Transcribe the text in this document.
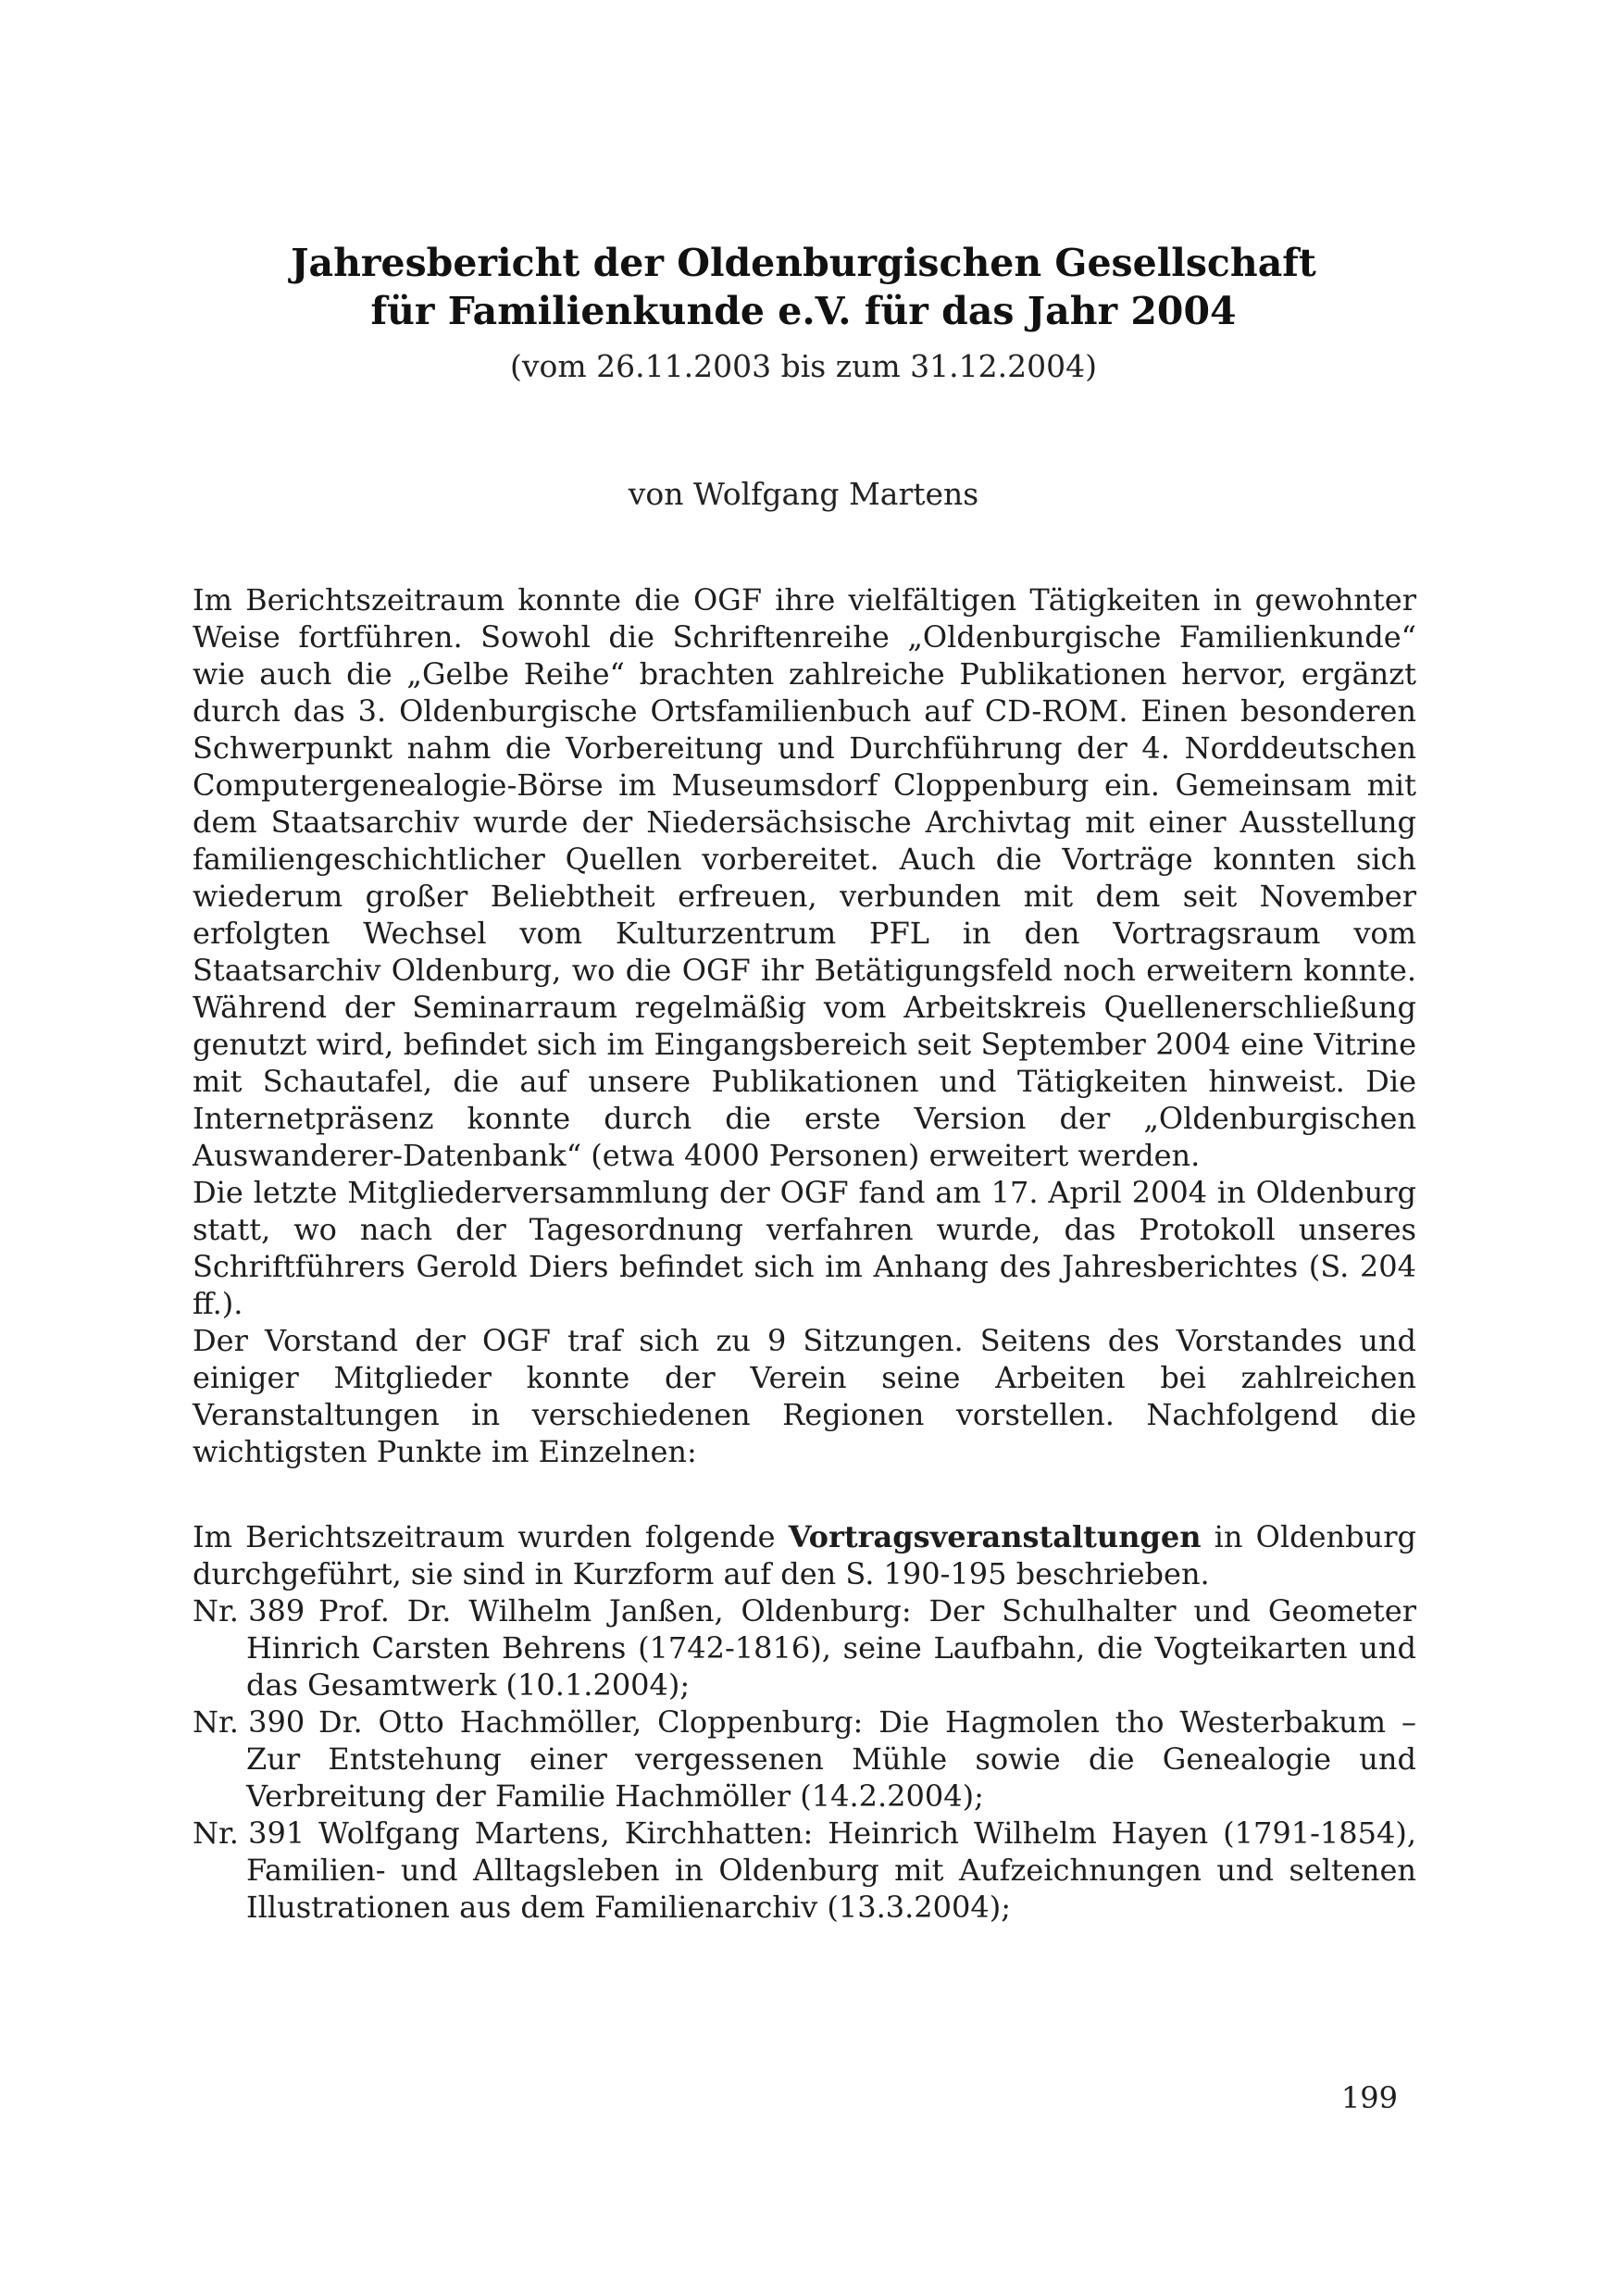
Jahresbericht der Oldenburgischen Gesellschaft

für Familienkunde e.V. für das Jahr 2004

(vom 26.11.2003 bis zum 31.12.2004)
von Wolfgang Martens

Im Berichtszeitraum konnte die OGF ihre vielfältigen Tätigkeiten in gewohnter Weise fortführen. Sowohl die Schriftenreihe „Oldenburgische Familienkunde“ wie auch die „Gelbe Reihe“ brachten zahlreiche Publikationen hervor, ergänzt durch das 3. Oldenburgische Ortsfamilienbuch auf CD-ROM. Einen besonderen Schwerpunkt nahm die Vorbereitung und Durchführung der 4. Norddeutschen Computergenealogie-Börse im Museumsdorf Cloppenburg ein. Gemeinsam mit dem Staatsarchiv wurde der Niedersächsische Archivtag mit einer Ausstellung familiengeschichtlicher Quellen vorbereitet. Auch die Vorträge konnten sich wiederum großer Beliebtheit erfreuen, verbunden mit dem seit November erfolgten Wechsel vom Kulturzentrum PFL in den Vortragsraum vom Staatsarchiv Oldenburg, wo die OGF ihr Betätigungsfeld noch erweitern konnte. Während der Seminarraum regelmäßig vom Arbeitskreis Quellenerschließung genutzt wird, befindet sich im Eingangsbereich seit September 2004 eine Vitrine mit Schautafel, die auf unsere Publikationen und Tätigkeiten hinweist. Die Internetpräsenz konnte durch die erste Version der „Oldenburgischen Auswanderer-Datenbank“ (etwa 4000 Personen) erweitert werden.

Die letzte Mitgliederversammlung der OGF fand am 17. April 2004 in Oldenburg statt, wo nach der Tagesordnung verfahren wurde, das Protokoll unseres Schriftführers Gerold Diers befindet sich im Anhang des Jahresberichtes (S. 204 ff.).

Der Vorstand der OGF traf sich zu 9 Sitzungen. Seitens des Vorstandes und einiger Mitglieder konnte der Verein seine Arbeiten bei zahlreichen Veranstaltungen in verschiedenen Regionen vorstellen. Nachfolgend die wichtigsten Punkte im Einzelnen:

Im Berichtszeitraum wurden folgende Vortragsveranstaltungen in Oldenburg durchgeführt, sie sind in Kurzform auf den S. 190-195 beschrieben.

Nr. 389 Prof. Dr. Wilhelm Janßen, Oldenburg: Der Schulhalter und Geometer Hinrich Carsten Behrens (1742-1816), seine Laufbahn, die Vogteikarten und das Gesamtwerk (10.1.2004);

Nr. 390 Dr. Otto Hachmöller, Cloppenburg: Die Hagmolen tho Westerbakum – Zur Entstehung einer vergessenen Mühle sowie die Genealogie und Verbreitung der Familie Hachmöller (14.2.2004);

Nr. 391 Wolfgang Martens, Kirchhatten: Heinrich Wilhelm Hayen (1791-1854), Familien- und Alltagsleben in Oldenburg mit Aufzeichnungen und seltenen Illustrationen aus dem Familienarchiv (13.3.2004);

199
